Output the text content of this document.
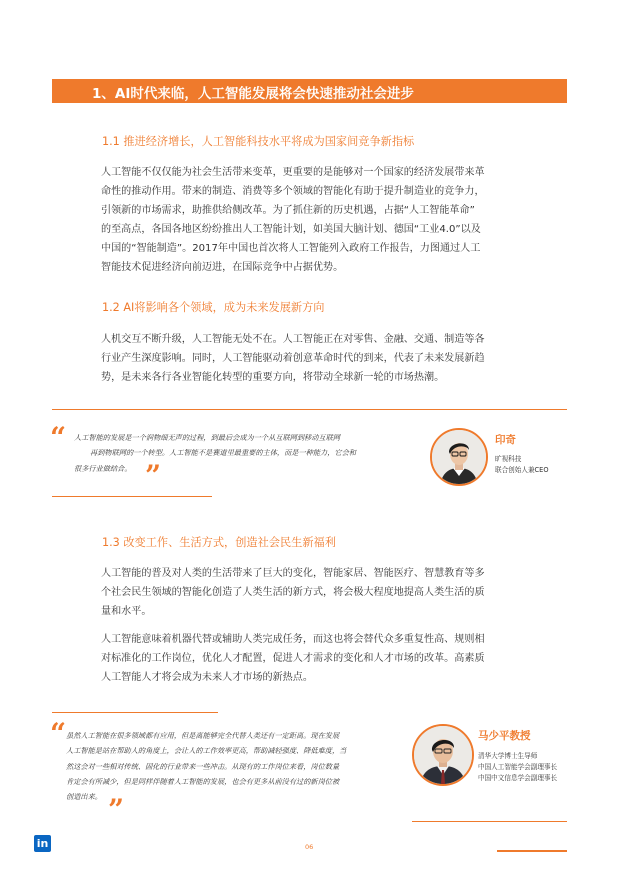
1、AI时代来临，人工智能发展将会快速推动社会进步
1.1 推进经济增长，人工智能科技水平将成为国家间竞争新指标
人工智能不仅仅能为社会生活带来变革，更重要的是能够对一个国家的经济发展带来革
命性的推动作用。带来的制造、消费等多个领域的智能化有助于提升制造业的竞争力，
引领新的市场需求，助推供给侧改革。为了抓住新的历史机遇，占据“人工智能革命”
的至高点，各国各地区纷纷推出人工智能计划，如美国大脑计划、德国“工业4.0”以及
中国的“智能制造”。2017年中国也首次将人工智能列入政府工作报告，力图通过人工
智能技术促进经济向前迈进，在国际竞争中占据优势。
1.2 AI将影响各个领域，成为未来发展新方向
人机交互不断升级，人工智能无处不在。人工智能正在对零售、金融、交通、制造等各
行业产生深度影响。同时，人工智能驱动着创意革命时代的到来，代表了未来发展新趋
势，是未来各行各业智能化转型的重要方向，将带动全球新一轮的市场热潮。
“ 人工智能的发展是一个润物细无声的过程，到最后会成为一个从互联网到移动互联网
再到物联网的一个转型。人工智能不是赛道里最重要的主体，而是一种能力，它会和
很多行业做结合。 ”
印奇
旷视科技
联合创始人兼CEO
1.3 改变工作、生活方式，创造社会民生新福利
人工智能的普及对人类的生活带来了巨大的变化，智能家居、智能医疗、智慧教育等多
个社会民生领域的智能化创造了人类生活的新方式，将会极大程度地提高人类生活的质
量和水平。
人工智能意味着机器代替或辅助人类完成任务，而这也将会替代众多重复性高、规则相
对标准化的工作岗位，优化人才配置，促进人才需求的变化和人才市场的改革。高素质
人工智能人才将会成为未来人才市场的新热点。
“ 虽然人工智能在很多领域都有应用，但是离能够完全代替人类还有一定距离。现在发展
人工智能是站在帮助人的角度上，会让人的工作效率更高，帮助减轻强度、降低难度，当
然这会对一些相对传统、固化的行业带来一些冲击。从现有的工作岗位来看，岗位数量
肯定会有所减少，但是同样伴随着人工智能的发展，也会有更多从前没有过的新岗位被
创造出来。 ”
马少平教授
清华大学博士生导师
中国人工智能学会副理事长
中国中文信息学会副理事长
in	06
